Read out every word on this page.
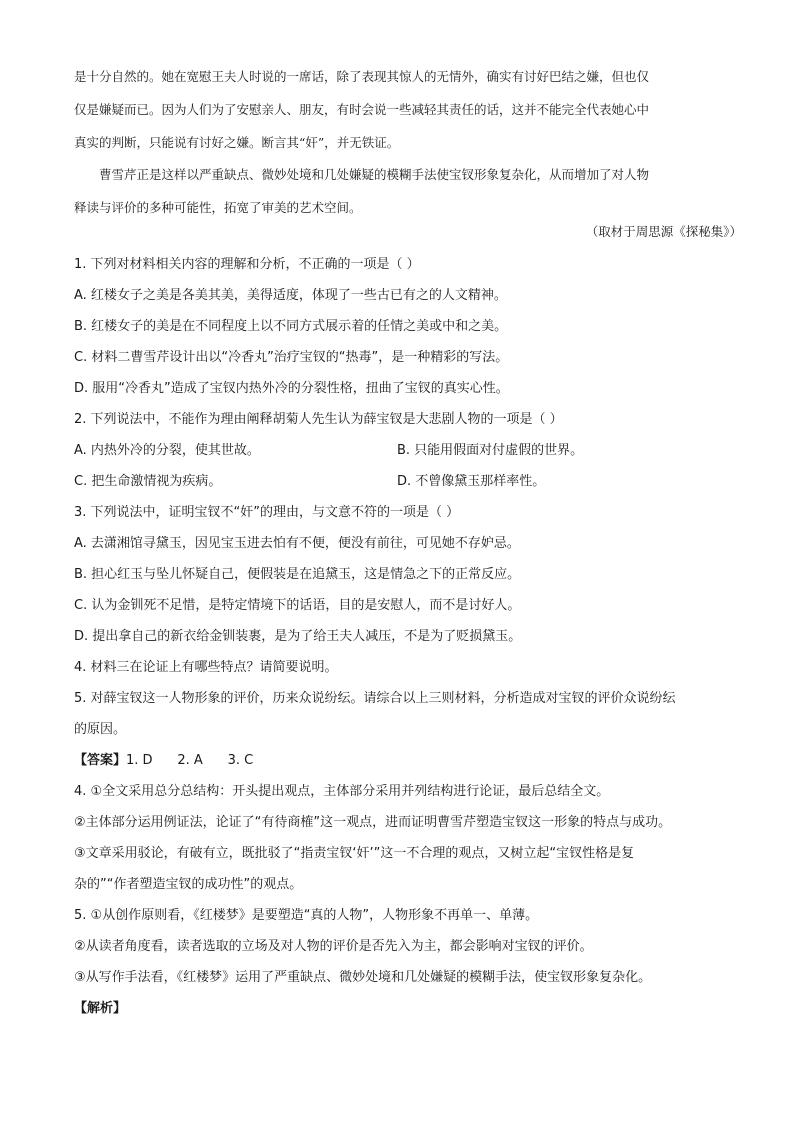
是十分自然的。她在宽慰王夫人时说的一席话，除了表现其惊人的无情外，确实有讨好巴结之嫌，但也仅
仅是嫌疑而已。因为人们为了安慰亲人、朋友，有时会说一些减轻其责任的话，这并不能完全代表她心中
真实的判断，只能说有讨好之嫌。断言其“奸”，并无铁证。
曹雪芹正是这样以严重缺点、微妙处境和几处嫌疑的模糊手法使宝钗形象复杂化，从而增加了对人物
释读与评价的多种可能性，拓宽了审美的艺术空间。
（取材于周思源《探秘集》）
1. 下列对材料相关内容的理解和分析，不正确的一项是（ ）
A. 红楼女子之美是各美其美，美得适度，体现了一些古已有之的人文精神。
B. 红楼女子的美是在不同程度上以不同方式展示着的任情之美或中和之美。
C. 材料二曹雪芹设计出以“冷香丸”治疗宝钗的“热毒”，是一种精彩的写法。
D. 服用“冷香丸”造成了宝钗内热外冷的分裂性格，扭曲了宝钗的真实心性。
2. 下列说法中，不能作为理由阐释胡菊人先生认为薛宝钗是大悲剧人物的一项是（ ）
A. 内热外冷的分裂，使其世故。	B. 只能用假面对付虚假的世界。
C. 把生命激情视为疾病。	D. 不曾像黛玉那样率性。
3. 下列说法中，证明宝钗不“奸”的理由，与文意不符的一项是（ ）
A. 去潇湘馆寻黛玉，因见宝玉进去怕有不便，便没有前往，可见她不存妒忌。
B. 担心红玉与坠儿怀疑自己，便假装是在追黛玉，这是情急之下的正常反应。
C. 认为金钏死不足惜，是特定情境下的话语，目的是安慰人，而不是讨好人。
D. 提出拿自己的新衣给金钏装裹，是为了给王夫人减压，不是为了贬损黛玉。
4. 材料三在论证上有哪些特点？请简要说明。
5. 对薛宝钗这一人物形象的评价，历来众说纷纭。请综合以上三则材料，分析造成对宝钗的评价众说纷纭
的原因。
【答案】1. D      2. A      3. C
4. ①全文采用总分总结构：开头提出观点，主体部分采用并列结构进行论证，最后总结全文。
②主体部分运用例证法，论证了“有待商榷”这一观点，进而证明曹雪芹塑造宝钗这一形象的特点与成功。
③文章采用驳论，有破有立，既批驳了“指责宝钗‘奸’”这一不合理的观点，又树立起“宝钗性格是复
杂的”“作者塑造宝钗的成功性”的观点。
5. ①从创作原则看，《红楼梦》是要塑造“真的人物”，人物形象不再单一、单薄。
②从读者角度看，读者选取的立场及对人物的评价是否先入为主，都会影响对宝钗的评价。
③从写作手法看，《红楼梦》运用了严重缺点、微妙处境和几处嫌疑的模糊手法，使宝钗形象复杂化。
【解析】
